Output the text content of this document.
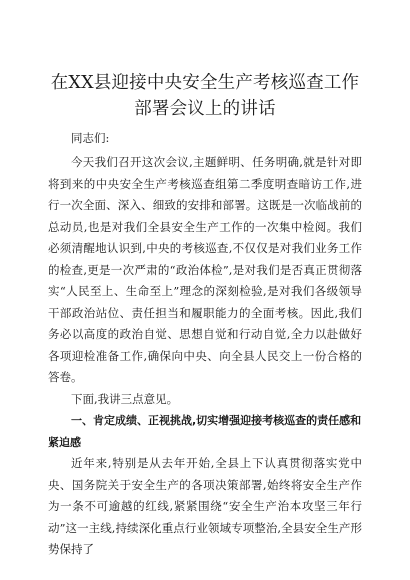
在XX县迎接中央安全生产考核巡查工作部署会议上的讲话

同志们:

今天我们召开这次会议,主题鲜明、任务明确,就是针对即将到来的中央安全生产考核巡查组第二季度明查暗访工作,进行一次全面、深入、细致的安排和部署。这既是一次临战前的总动员,也是对我们全县安全生产工作的一次集中检阅。我们必须清醒地认识到,中央的考核巡查,不仅仅是对我们业务工作的检查,更是一次严肃的“政治体检”,是对我们是否真正贯彻落实“人民至上、生命至上”理念的深刻检验,是对我们各级领导干部政治站位、责任担当和履职能力的全面考核。因此,我们务必以高度的政治自觉、思想自觉和行动自觉,全力以赴做好各项迎检准备工作,确保向中央、向全县人民交上一份合格的答卷。

下面,我讲三点意见。

一、肯定成绩、正视挑战,切实增强迎接考核巡查的责任感和紧迫感

近年来,特别是从去年开始,全县上下认真贯彻落实党中央、国务院关于安全生产的各项决策部署,始终将安全生产作为一条不可逾越的红线,紧紧围绕“安全生产治本攻坚三年行动”这一主线,持续深化重点行业领域专项整治,全县安全生产形势保持了
